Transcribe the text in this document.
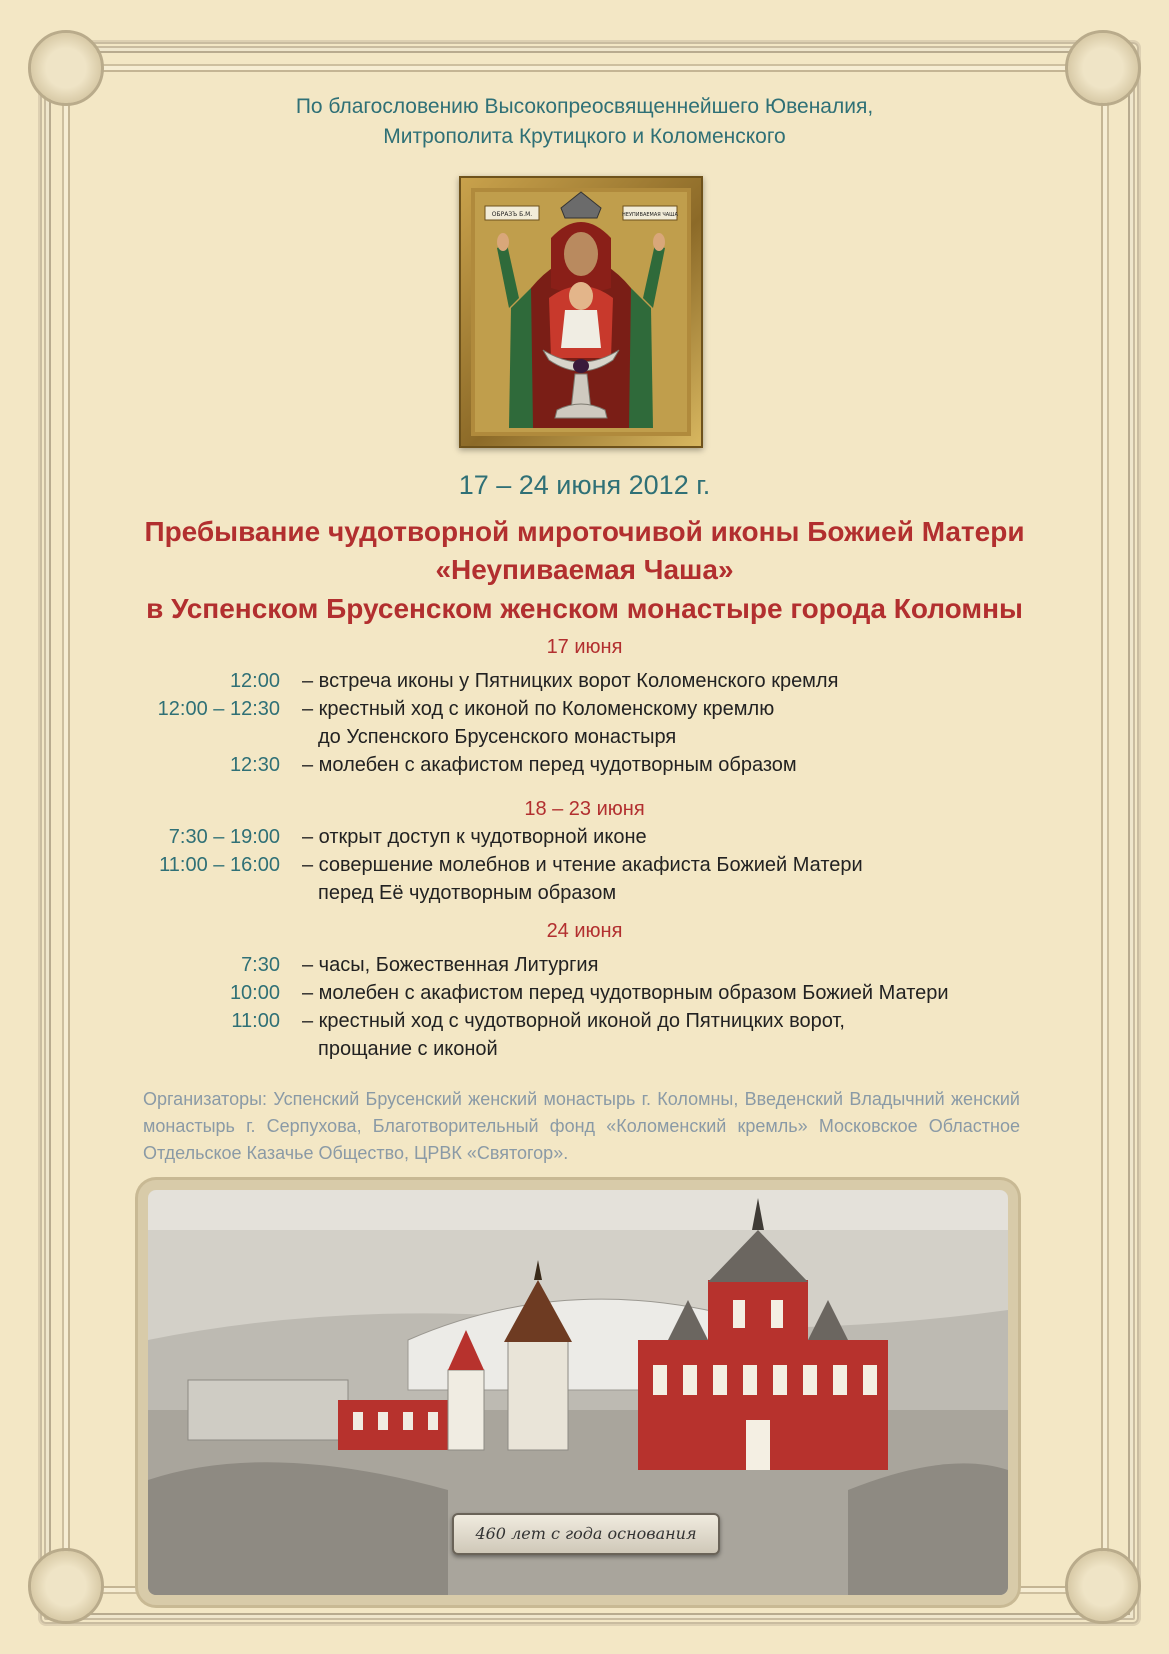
По благословению Высокопреосвященнейшего Ювеналия,
Митрополита Крутицкого и Коломенского
ОБРАЗЪ Б.М.	НЕУПИВАЕМАЯ ЧАША
17 – 24 июня 2012 г.
Пребывание чудотворной мироточивой иконы Божией Матери
«Неупиваемая Чаша»
в Успенском Брусенском женском монастыре города Коломны
17 июня
12:00 – встреча иконы у Пятницких ворот Коломенского кремля
12:00 – 12:30 – крестный ход с иконой по Коломенскому кремлю
до Успенского Брусенского монастыря
12:30 – молебен с акафистом перед чудотворным образом
18 – 23 июня
7:30 – 19:00 – открыт доступ к чудотворной иконе
11:00 – 16:00 – совершение молебнов и чтение акафиста Божией Матери
перед Её чудотворным образом
24 июня
7:30 – часы, Божественная Литургия
10:00 – молебен с акафистом перед чудотворным образом Божией Матери
11:00 – крестный ход с чудотворной иконой до Пятницких ворот,
прощание с иконой
Организаторы: Успенский Брусенский женский монастырь г. Коломны, Введенский Владычний женский монастырь г. Серпухова, Благотворительный фонд «Коломенский кремль» Московское Областное Отдельское Казачье Общество, ЦРВК «Святогор».
460 лет с года основания
